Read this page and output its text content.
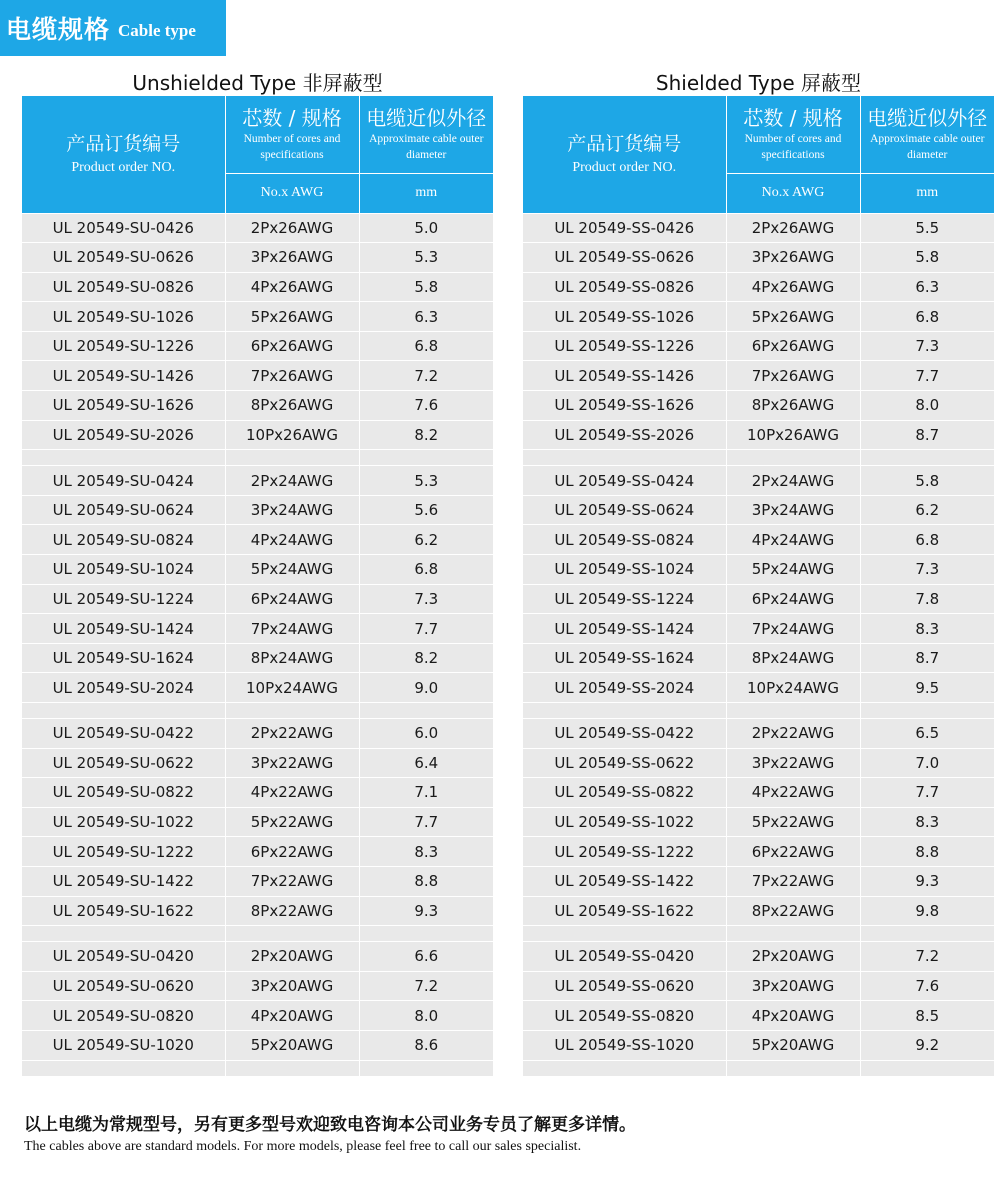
电缆规格 Cable type
Unshielded Type 非屏蔽型	Shielded Type 屏蔽型
产品订货编号
Product order NO.	芯数 / 规格
Number of cores and specifications	电缆近似外径
Approximate cable outer diameter

	No.x AWG	mm
UL 20549-SU-0426	2Px26AWG	5.0
UL 20549-SU-0626	3Px26AWG	5.3
UL 20549-SU-0826	4Px26AWG	5.8
UL 20549-SU-1026	5Px26AWG	6.3
UL 20549-SU-1226	6Px26AWG	6.8
UL 20549-SU-1426	7Px26AWG	7.2
UL 20549-SU-1626	8Px26AWG	7.6
UL 20549-SU-2026	10Px26AWG	8.2

UL 20549-SU-0424	2Px24AWG	5.3
UL 20549-SU-0624	3Px24AWG	5.6
UL 20549-SU-0824	4Px24AWG	6.2
UL 20549-SU-1024	5Px24AWG	6.8
UL 20549-SU-1224	6Px24AWG	7.3
UL 20549-SU-1424	7Px24AWG	7.7
UL 20549-SU-1624	8Px24AWG	8.2
UL 20549-SU-2024	10Px24AWG	9.0

UL 20549-SU-0422	2Px22AWG	6.0
UL 20549-SU-0622	3Px22AWG	6.4
UL 20549-SU-0822	4Px22AWG	7.1
UL 20549-SU-1022	5Px22AWG	7.7
UL 20549-SU-1222	6Px22AWG	8.3
UL 20549-SU-1422	7Px22AWG	8.8
UL 20549-SU-1622	8Px22AWG	9.3

UL 20549-SU-0420	2Px20AWG	6.6
UL 20549-SU-0620	3Px20AWG	7.2
UL 20549-SU-0820	4Px20AWG	8.0
UL 20549-SU-1020	5Px20AWG	8.6

产品订货编号
Product order NO.	芯数 / 规格
Number of cores and specifications	电缆近似外径
Approximate cable outer diameter

	No.x AWG	mm
UL 20549-SS-0426	2Px26AWG	5.5
UL 20549-SS-0626	3Px26AWG	5.8
UL 20549-SS-0826	4Px26AWG	6.3
UL 20549-SS-1026	5Px26AWG	6.8
UL 20549-SS-1226	6Px26AWG	7.3
UL 20549-SS-1426	7Px26AWG	7.7
UL 20549-SS-1626	8Px26AWG	8.0
UL 20549-SS-2026	10Px26AWG	8.7

UL 20549-SS-0424	2Px24AWG	5.8
UL 20549-SS-0624	3Px24AWG	6.2
UL 20549-SS-0824	4Px24AWG	6.8
UL 20549-SS-1024	5Px24AWG	7.3
UL 20549-SS-1224	6Px24AWG	7.8
UL 20549-SS-1424	7Px24AWG	8.3
UL 20549-SS-1624	8Px24AWG	8.7
UL 20549-SS-2024	10Px24AWG	9.5

UL 20549-SS-0422	2Px22AWG	6.5
UL 20549-SS-0622	3Px22AWG	7.0
UL 20549-SS-0822	4Px22AWG	7.7
UL 20549-SS-1022	5Px22AWG	8.3
UL 20549-SS-1222	6Px22AWG	8.8
UL 20549-SS-1422	7Px22AWG	9.3
UL 20549-SS-1622	8Px22AWG	9.8

UL 20549-SS-0420	2Px20AWG	7.2
UL 20549-SS-0620	3Px20AWG	7.6
UL 20549-SS-0820	4Px20AWG	8.5
UL 20549-SS-1020	5Px20AWG	9.2

以上电缆为常规型号，另有更多型号欢迎致电咨询本公司业务专员了解更多详情。
The cables above are standard models. For more models, please feel free to call our sales specialist.
